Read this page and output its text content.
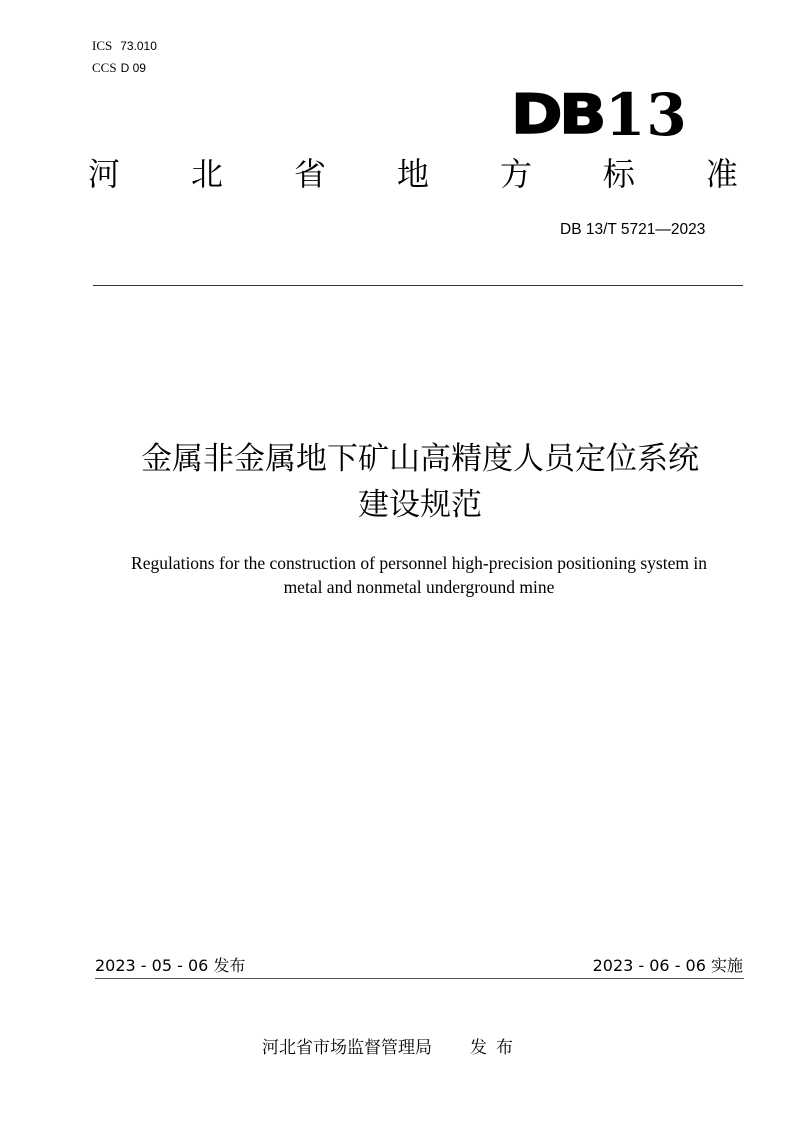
ICS 73.010
CCS D 09
DB 13
河 北 省 地 方 标 准
DB 13/T 5721—2023
金属非金属地下矿山高精度人员定位系统
建设规范
Regulations for the construction of personnel high-precision positioning system in
metal and nonmetal underground mine
2023 - 05 - 06 发布	2023 - 06 - 06 实施
河北省市场监督管理局 发布
